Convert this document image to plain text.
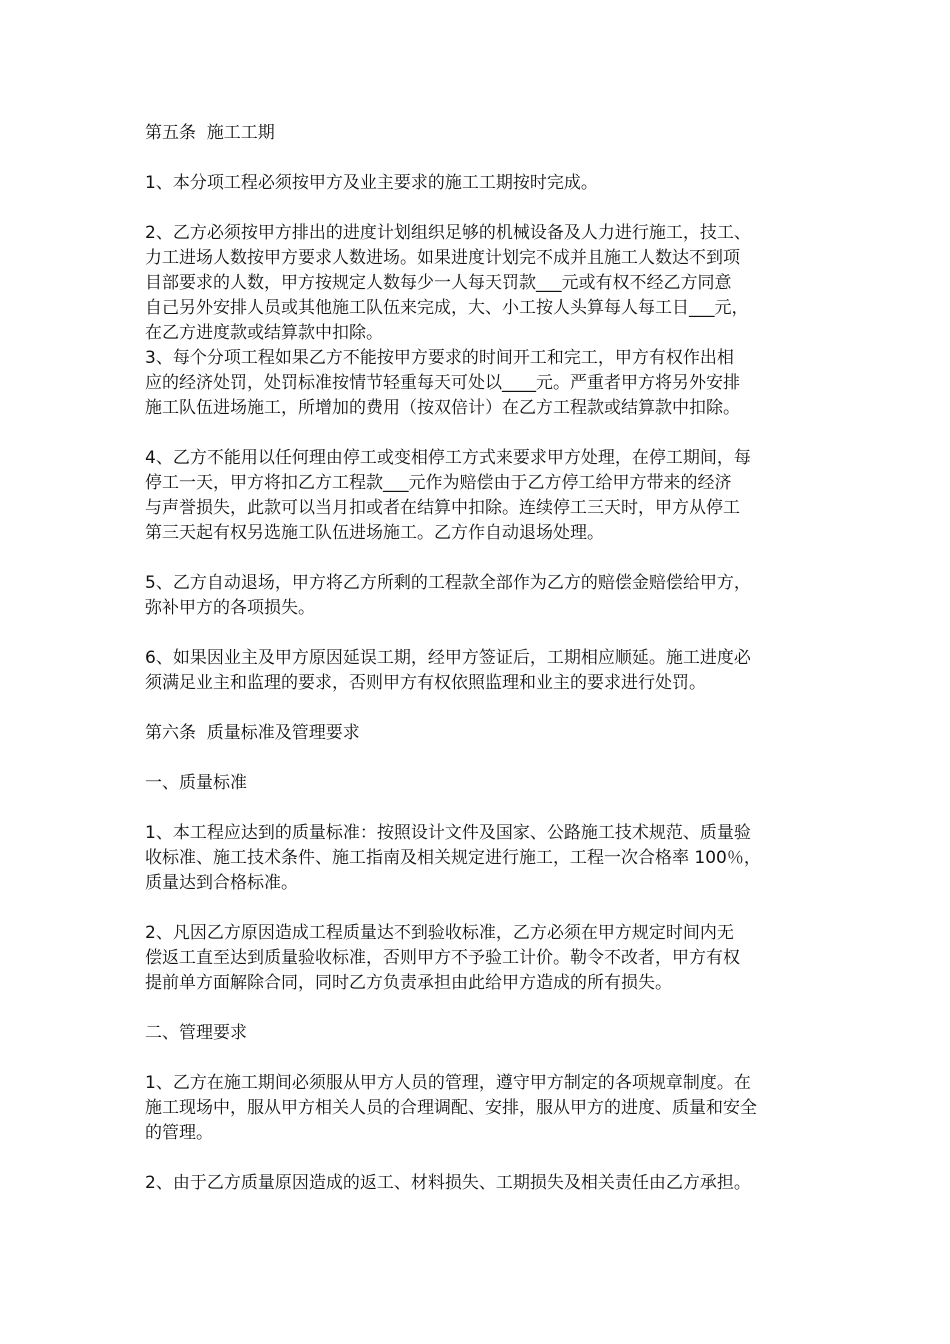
第五条  施工工期
1、本分项工程必须按甲方及业主要求的施工工期按时完成。
2、乙方必须按甲方排出的进度计划组织足够的机械设备及人力进行施工，技工、
力工进场人数按甲方要求人数进场。如果进度计划完不成并且施工人数达不到项
目部要求的人数，甲方按规定人数每少一人每天罚款___元或有权不经乙方同意
自己另外安排人员或其他施工队伍来完成，大、小工按人头算每人每工日___元，
在乙方进度款或结算款中扣除。
3、每个分项工程如果乙方不能按甲方要求的时间开工和完工，甲方有权作出相
应的经济处罚，处罚标准按情节轻重每天可处以____元。严重者甲方将另外安排
施工队伍进场施工，所增加的费用（按双倍计）在乙方工程款或结算款中扣除。
4、乙方不能用以任何理由停工或变相停工方式来要求甲方处理，在停工期间，每
停工一天，甲方将扣乙方工程款___元作为赔偿由于乙方停工给甲方带来的经济
与声誉损失，此款可以当月扣或者在结算中扣除。连续停工三天时，甲方从停工
第三天起有权另选施工队伍进场施工。乙方作自动退场处理。
5、乙方自动退场，甲方将乙方所剩的工程款全部作为乙方的赔偿金赔偿给甲方，
弥补甲方的各项损失。
6、如果因业主及甲方原因延误工期，经甲方签证后，工期相应顺延。施工进度必
须满足业主和监理的要求，否则甲方有权依照监理和业主的要求进行处罚。
第六条  质量标准及管理要求
一、质量标准
1、本工程应达到的质量标准：按照设计文件及国家、公路施工技术规范、质量验
收标准、施工技术条件、施工指南及相关规定进行施工，工程一次合格率 100％，
质量达到合格标准。
2、凡因乙方原因造成工程质量达不到验收标准，乙方必须在甲方规定时间内无
偿返工直至达到质量验收标准，否则甲方不予验工计价。勒令不改者，甲方有权
提前单方面解除合同，同时乙方负责承担由此给甲方造成的所有损失。
二、管理要求
1、乙方在施工期间必须服从甲方人员的管理，遵守甲方制定的各项规章制度。在
施工现场中，服从甲方相关人员的合理调配、安排，服从甲方的进度、质量和安全
的管理。
2、由于乙方质量原因造成的返工、材料损失、工期损失及相关责任由乙方承担。
